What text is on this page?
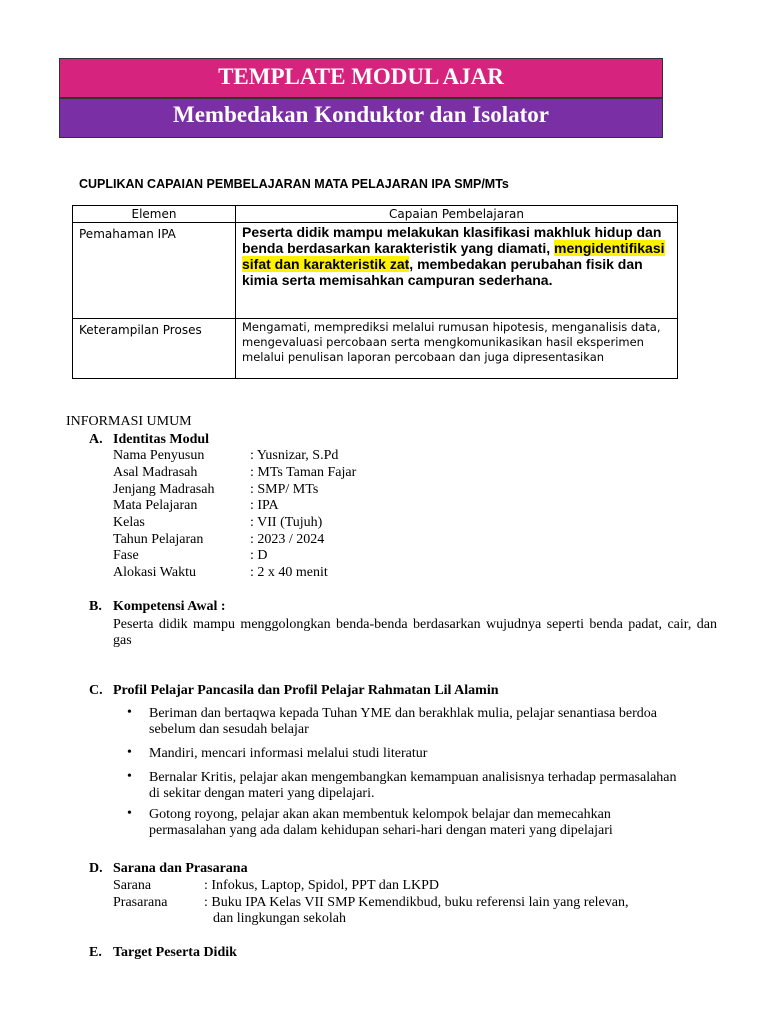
TEMPLATE MODUL AJAR
Membedakan Konduktor dan Isolator
CUPLIKAN CAPAIAN PEMBELAJARAN MATA PELAJARAN IPA SMP/MTs
Elemen	Capaian Pembelajaran
Pemahaman IPA	Peserta didik mampu melakukan klasifikasi makhluk hidup dan benda berdasarkan karakteristik yang diamati, mengidentifikasi sifat dan karakteristik zat, membedakan perubahan fisik dan kimia serta memisahkan campuran sederhana.
Keterampilan Proses	Mengamati, memprediksi melalui rumusan hipotesis, menganalisis data, mengevaluasi percobaan serta mengkomunikasikan hasil eksperimen melalui penulisan laporan percobaan dan juga dipresentasikan
INFORMASI UMUM
A. Identitas Modul
Nama Penyusun	: Yusnizar, S.Pd
Asal Madrasah	: MTs Taman Fajar
Jenjang Madrasah	: SMP/ MTs
Mata Pelajaran	: IPA
Kelas	: VII (Tujuh)
Tahun Pelajaran	: 2023 / 2024
Fase	: D
Alokasi Waktu	: 2 x 40 menit
B. Kompetensi Awal :
Peserta didik mampu menggolongkan benda-benda berdasarkan wujudnya seperti benda padat, cair, dan gas
C. Profil Pelajar Pancasila dan Profil Pelajar Rahmatan Lil Alamin
• Beriman dan bertaqwa kepada Tuhan YME dan berakhlak mulia, pelajar senantiasa berdoa sebelum dan sesudah belajar
• Mandiri, mencari informasi melalui studi literatur
• Bernalar Kritis, pelajar akan mengembangkan kemampuan analisisnya terhadap permasalahan di sekitar dengan materi yang dipelajari.
• Gotong royong, pelajar akan akan membentuk kelompok belajar dan memecahkan permasalahan yang ada dalam kehidupan sehari-hari dengan materi yang dipelajari
D. Sarana dan Prasarana
Sarana	: Infokus, Laptop, Spidol, PPT dan LKPD
Prasarana	: Buku IPA Kelas VII SMP Kemendikbud, buku referensi lain yang relevan,
dan lingkungan sekolah
E. Target Peserta Didik
